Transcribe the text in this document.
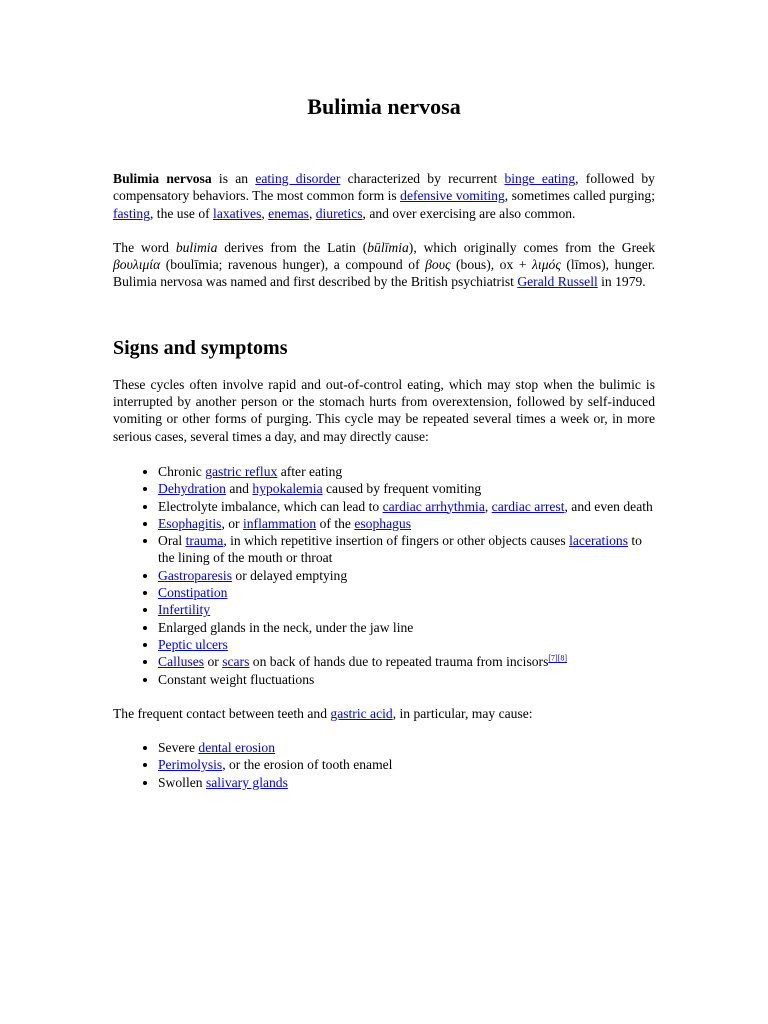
Bulimia nervosa

Bulimia nervosa is an eating disorder characterized by recurrent binge eating, followed by compensatory behaviors. The most common form is defensive vomiting, sometimes called purging; fasting, the use of laxatives, enemas, diuretics, and over exercising are also common.

The word bulimia derives from the Latin (būlīmia), which originally comes from the Greek βουλιμία (boulīmia; ravenous hunger), a compound of βους (bous), ox + λιμός (līmos), hunger. Bulimia nervosa was named and first described by the British psychiatrist Gerald Russell in 1979.

Signs and symptoms

These cycles often involve rapid and out-of-control eating, which may stop when the bulimic is interrupted by another person or the stomach hurts from overextension, followed by self-induced vomiting or other forms of purging. This cycle may be repeated several times a week or, in more serious cases, several times a day, and may directly cause:

• Chronic gastric reflux after eating
• Dehydration and hypokalemia caused by frequent vomiting
• Electrolyte imbalance, which can lead to cardiac arrhythmia, cardiac arrest, and even death
• Esophagitis, or inflammation of the esophagus
• Oral trauma, in which repetitive insertion of fingers or other objects causes lacerations to the lining of the mouth or throat
• Gastroparesis or delayed emptying
• Constipation
• Infertility
• Enlarged glands in the neck, under the jaw line
• Peptic ulcers
• Calluses or scars on back of hands due to repeated trauma from incisors[7][8]
• Constant weight fluctuations

The frequent contact between teeth and gastric acid, in particular, may cause:

• Severe dental erosion
• Perimolysis, or the erosion of tooth enamel
• Swollen salivary glands
